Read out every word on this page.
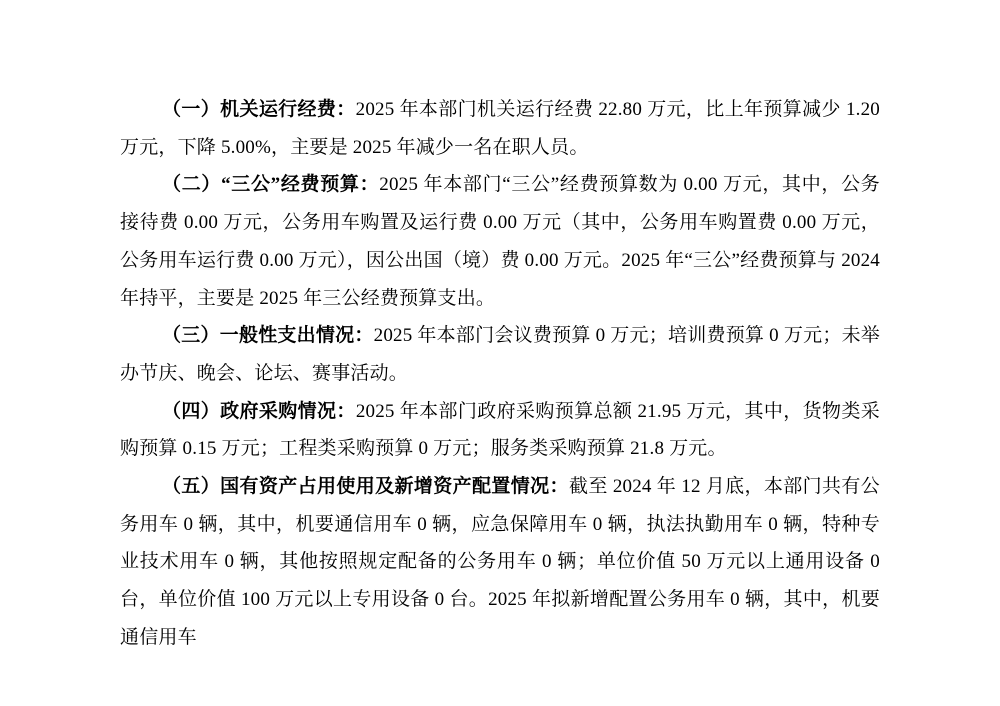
（一）机关运行经费：2025 年本部门机关运行经费 22.80 万元，比上年预算减少 1.20 万元，下降 5.00%，主要是 2025 年减少一名在职人员。

（二）“三公”经费预算：2025 年本部门“三公”经费预算数为 0.00 万元，其中，公务接待费 0.00 万元，公务用车购置及运行费 0.00 万元（其中，公务用车购置费 0.00 万元，公务用车运行费 0.00 万元），因公出国（境）费 0.00 万元。2025 年“三公”经费预算与 2024 年持平，主要是 2025 年三公经费预算支出。

（三）一般性支出情况：2025 年本部门会议费预算 0 万元；培训费预算 0 万元；未举办节庆、晚会、论坛、赛事活动。

（四）政府采购情况：2025 年本部门政府采购预算总额 21.95 万元，其中，货物类采购预算 0.15 万元；工程类采购预算 0 万元；服务类采购预算 21.8 万元。

（五）国有资产占用使用及新增资产配置情况：截至 2024 年 12 月底，本部门共有公务用车 0 辆，其中，机要通信用车 0 辆，应急保障用车 0 辆，执法执勤用车 0 辆，特种专业技术用车 0 辆，其他按照规定配备的公务用车 0 辆；单位价值 50 万元以上通用设备 0 台，单位价值 100 万元以上专用设备 0 台。2025 年拟新增配置公务用车 0 辆，其中，机要通信用车
